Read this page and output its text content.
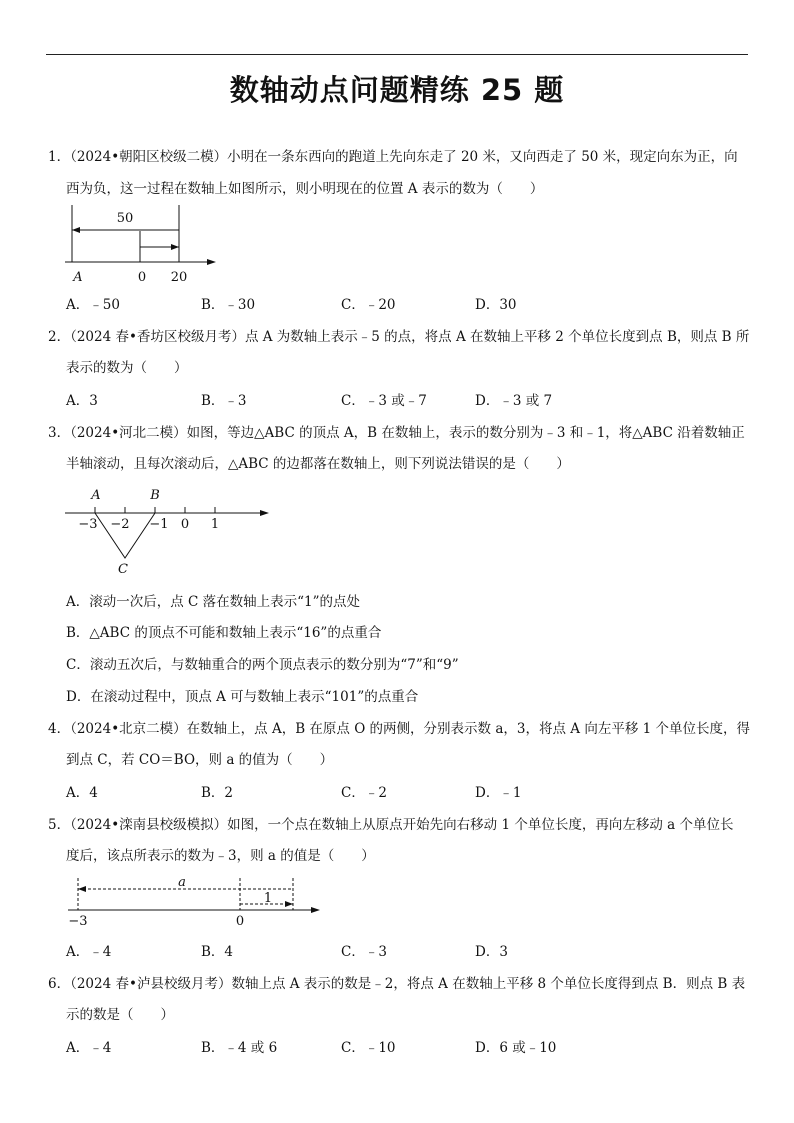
数轴动点问题精练 25 题
1．（2024•朝阳区校级二模）小明在一条东西向的跑道上先向东走了 20 米，又向西走了 50 米，现定向东为正，向
西为负，这一过程在数轴上如图所示，则小明现在的位置 A 表示的数为（　　）
50
A	0 20
A．﹣50	B．﹣30	C．﹣20	D．30
2．（2024 春•香坊区校级月考）点 A 为数轴上表示﹣5 的点，将点 A 在数轴上平移 2 个单位长度到点 B，则点 B 所
表示的数为（　　）
A．3	B．﹣3	C．﹣3 或﹣7	D．﹣3 或 7
3．（2024•河北二模）如图，等边△ABC 的顶点 A，B 在数轴上，表示的数分别为﹣3 和﹣1，将△ABC 沿着数轴正
半轴滚动，且每次滚动后，△ABC 的边都落在数轴上，则下列说法错误的是（　　）
A	B
C
−3 −2 −1 0 1
A．滚动一次后，点 C 落在数轴上表示“1”的点处
B．△ABC 的顶点不可能和数轴上表示“16”的点重合
C．滚动五次后，与数轴重合的两个顶点表示的数分别为“7”和“9”
D．在滚动过程中，顶点 A 可与数轴上表示“101”的点重合
4．（2024•北京二模）在数轴上，点 A，B 在原点 O 的两侧，分别表示数 a，3，将点 A 向左平移 1 个单位长度，得
到点 C，若 CO＝BO，则 a 的值为（　　）
A．4	B．2	C．﹣2	D．﹣1
5．（2024•滦南县校级模拟）如图，一个点在数轴上从原点开始先向右移动 1 个单位长度，再向左移动 a 个单位长
度后，该点所表示的数为﹣3，则 a 的值是（　　）
a
1
−3	0
A．﹣4	B．4	C．﹣3	D．3
6．（2024 春•泸县校级月考）数轴上点 A 表示的数是﹣2，将点 A 在数轴上平移 8 个单位长度得到点 B．则点 B 表
示的数是（　　）
A．﹣4	B．﹣4 或 6	C．﹣10	D．6 或﹣10
